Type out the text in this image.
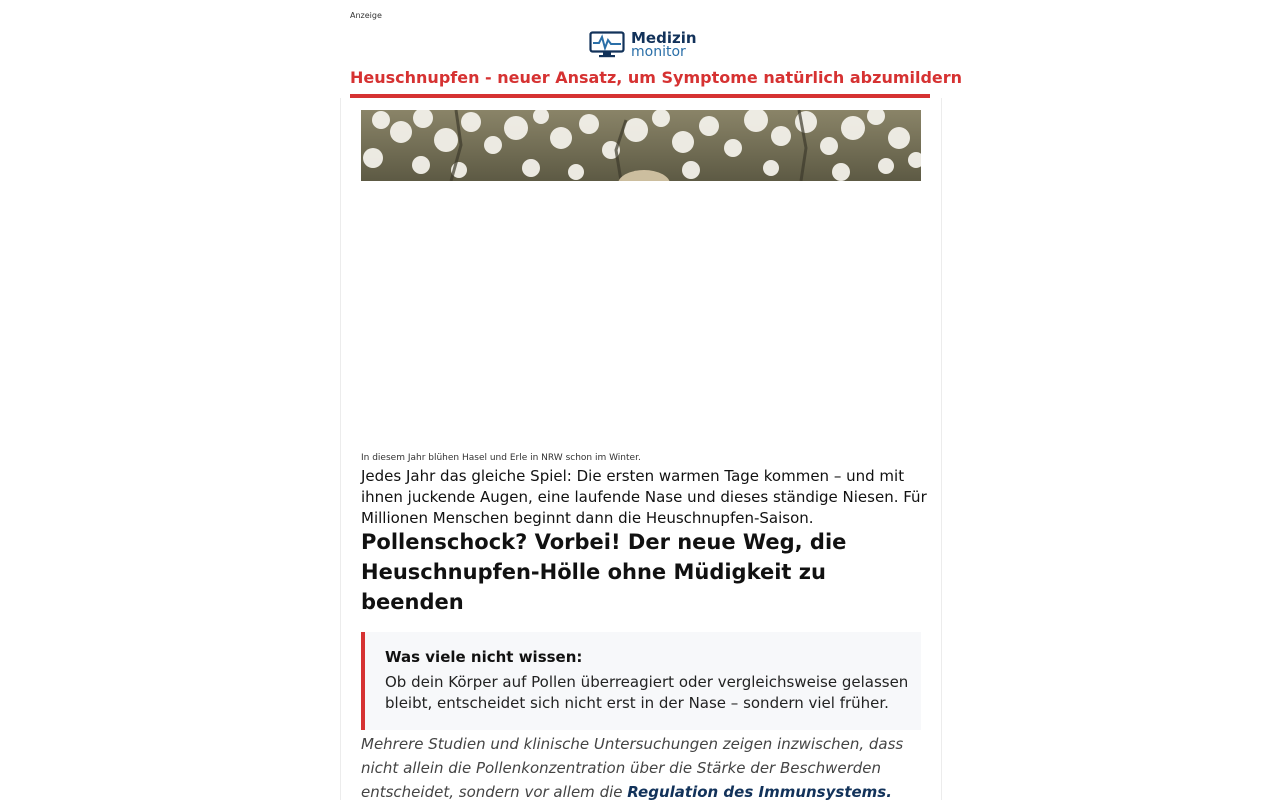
Anzeige
Medizin
monitor
Heuschnupfen - neuer Ansatz, um Symptome natürlich abzumildern
In diesem Jahr blühen Hasel und Erle in NRW schon im Winter.

Jedes Jahr das gleiche Spiel: Die ersten warmen Tage kommen – und mit ihnen juckende Augen, eine laufende Nase und dieses ständige Niesen. Für Millionen Menschen beginnt dann die Heuschnupfen-Saison.

Pollenschock? Vorbei! Der neue Weg, die Heuschnupfen-Hölle ohne Müdigkeit zu beenden

Was viele nicht wissen:

Ob dein Körper auf Pollen überreagiert oder vergleichsweise gelassen bleibt, entscheidet sich nicht erst in der Nase – sondern viel früher.

Mehrere Studien und klinische Untersuchungen zeigen inzwischen, dass nicht allein die Pollenkonzentration über die Stärke der Beschwerden entscheidet, sondern vor allem die Regulation des Immunsystems.
